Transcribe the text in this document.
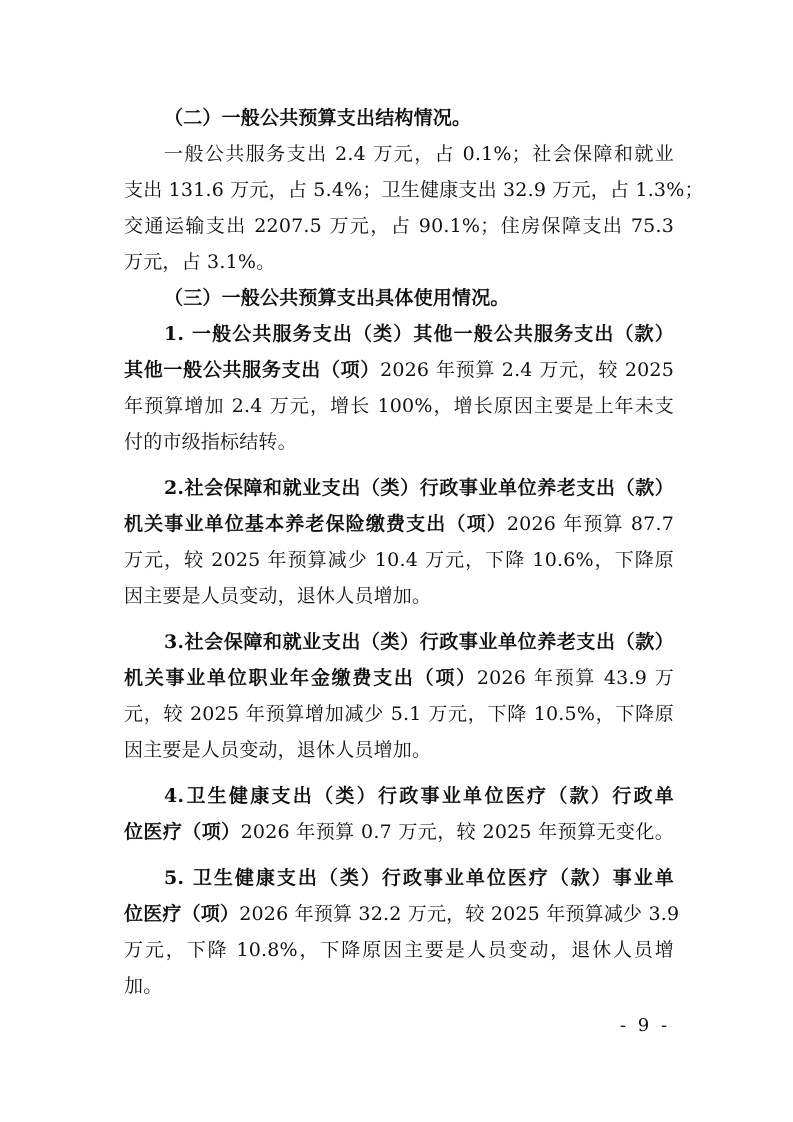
（二）一般公共预算支出结构情况。
一般公共服务支出 2.4 万元，占 0.1%；社会保障和就业
支出 131.6 万元，占 5.4%；卫生健康支出 32.9 万元，占 1.3%；
交通运输支出 2207.5 万元，占 90.1%；住房保障支出 75.3
万元，占 3.1%。
（三）一般公共预算支出具体使用情况。
1. 一般公共服务支出（类）其他一般公共服务支出（款）
其他一般公共服务支出（项）2026 年预算 2.4 万元，较 2025
年预算增加 2.4 万元，增长 100%，增长原因主要是上年未支
付的市级指标结转。
2.社会保障和就业支出（类）行政事业单位养老支出（款）
机关事业单位基本养老保险缴费支出（项）2026 年预算 87.7
万元，较 2025 年预算减少 10.4 万元，下降 10.6%，下降原
因主要是人员变动，退休人员增加。
3.社会保障和就业支出（类）行政事业单位养老支出（款）
机关事业单位职业年金缴费支出（项）2026 年预算 43.9 万
元，较 2025 年预算增加减少 5.1 万元，下降 10.5%，下降原
因主要是人员变动，退休人员增加。
4.卫生健康支出（类）行政事业单位医疗（款）行政单
位医疗（项）2026 年预算 0.7 万元，较 2025 年预算无变化。
5. 卫生健康支出（类）行政事业单位医疗（款）事业单
位医疗（项）2026 年预算 32.2 万元，较 2025 年预算减少 3.9
万元，下降 10.8%，下降原因主要是人员变动，退休人员增
加。
- 9 -
